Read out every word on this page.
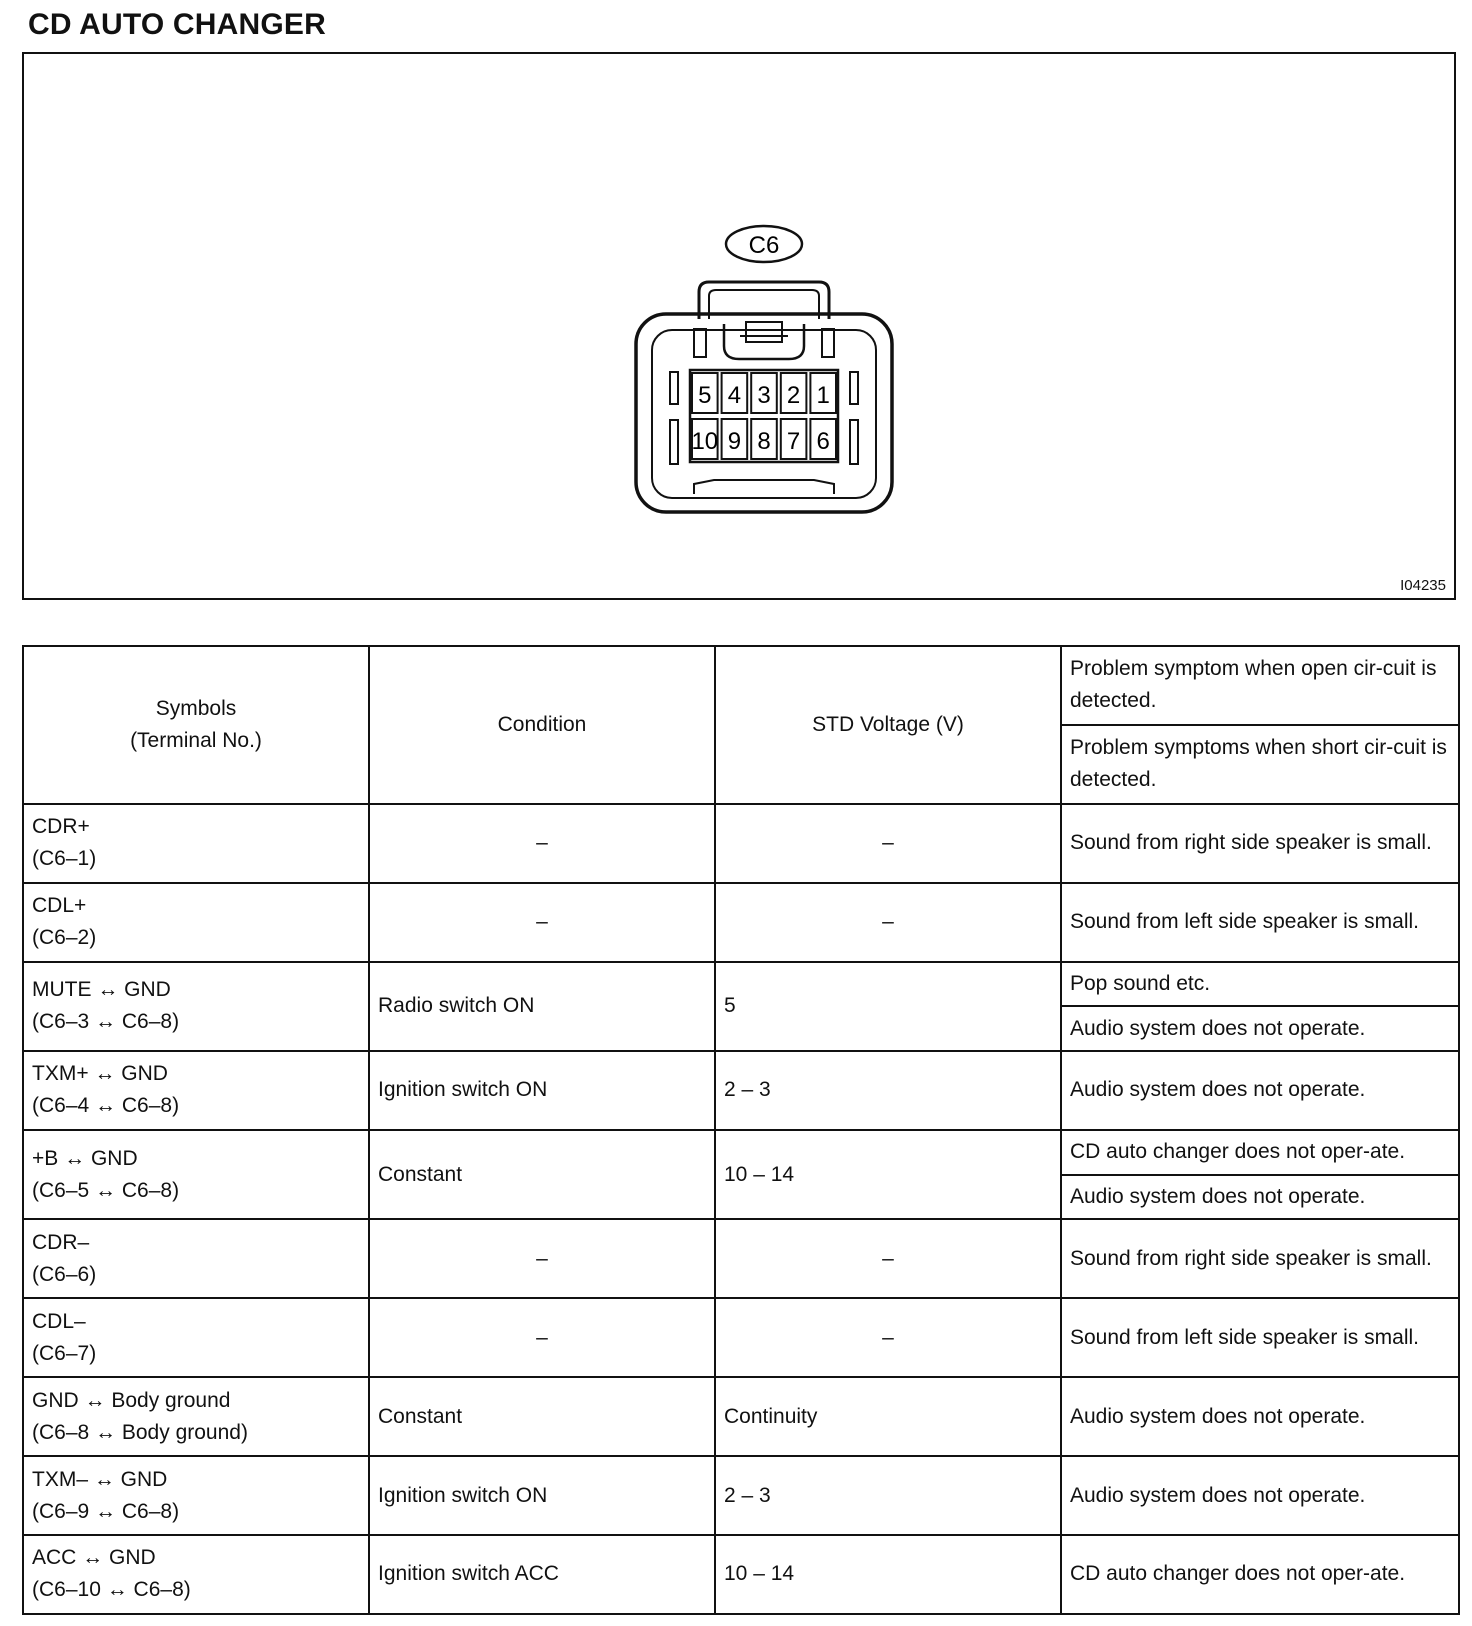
CD AUTO CHANGER
C6
5 4 3 2 1
10 9 8 7 6
I04235
Symbols
(Terminal No.)	Condition	STD Voltage (V)	Problem symptom when open cir-cuit is detected.
			Problem symptoms when short cir-cuit is detected.

CDR+
(C6–1)	–	–	Sound from right side speaker is small.

CDL+
(C6–2)	–	–	Sound from left side speaker is small.

MUTE ↔ GND
(C6–3 ↔ C6–8)	Radio switch ON	5	Pop sound etc.
			Audio system does not operate.

TXM+ ↔ GND
(C6–4 ↔ C6–8)	Ignition switch ON	2 – 3	Audio system does not operate.

+B ↔ GND
(C6–5 ↔ C6–8)	Constant	10 – 14	CD auto changer does not oper-ate.
			Audio system does not operate.

CDR–
(C6–6)	–	–	Sound from right side speaker is small.

CDL–
(C6–7)	–	–	Sound from left side speaker is small.

GND ↔ Body ground
(C6–8 ↔ Body ground)	Constant	Continuity	Audio system does not operate.

TXM– ↔ GND
(C6–9 ↔ C6–8)	Ignition switch ON	2 – 3	Audio system does not operate.

ACC ↔ GND
(C6–10 ↔ C6–8)	Ignition switch ACC	10 – 14	CD auto changer does not oper-ate.
